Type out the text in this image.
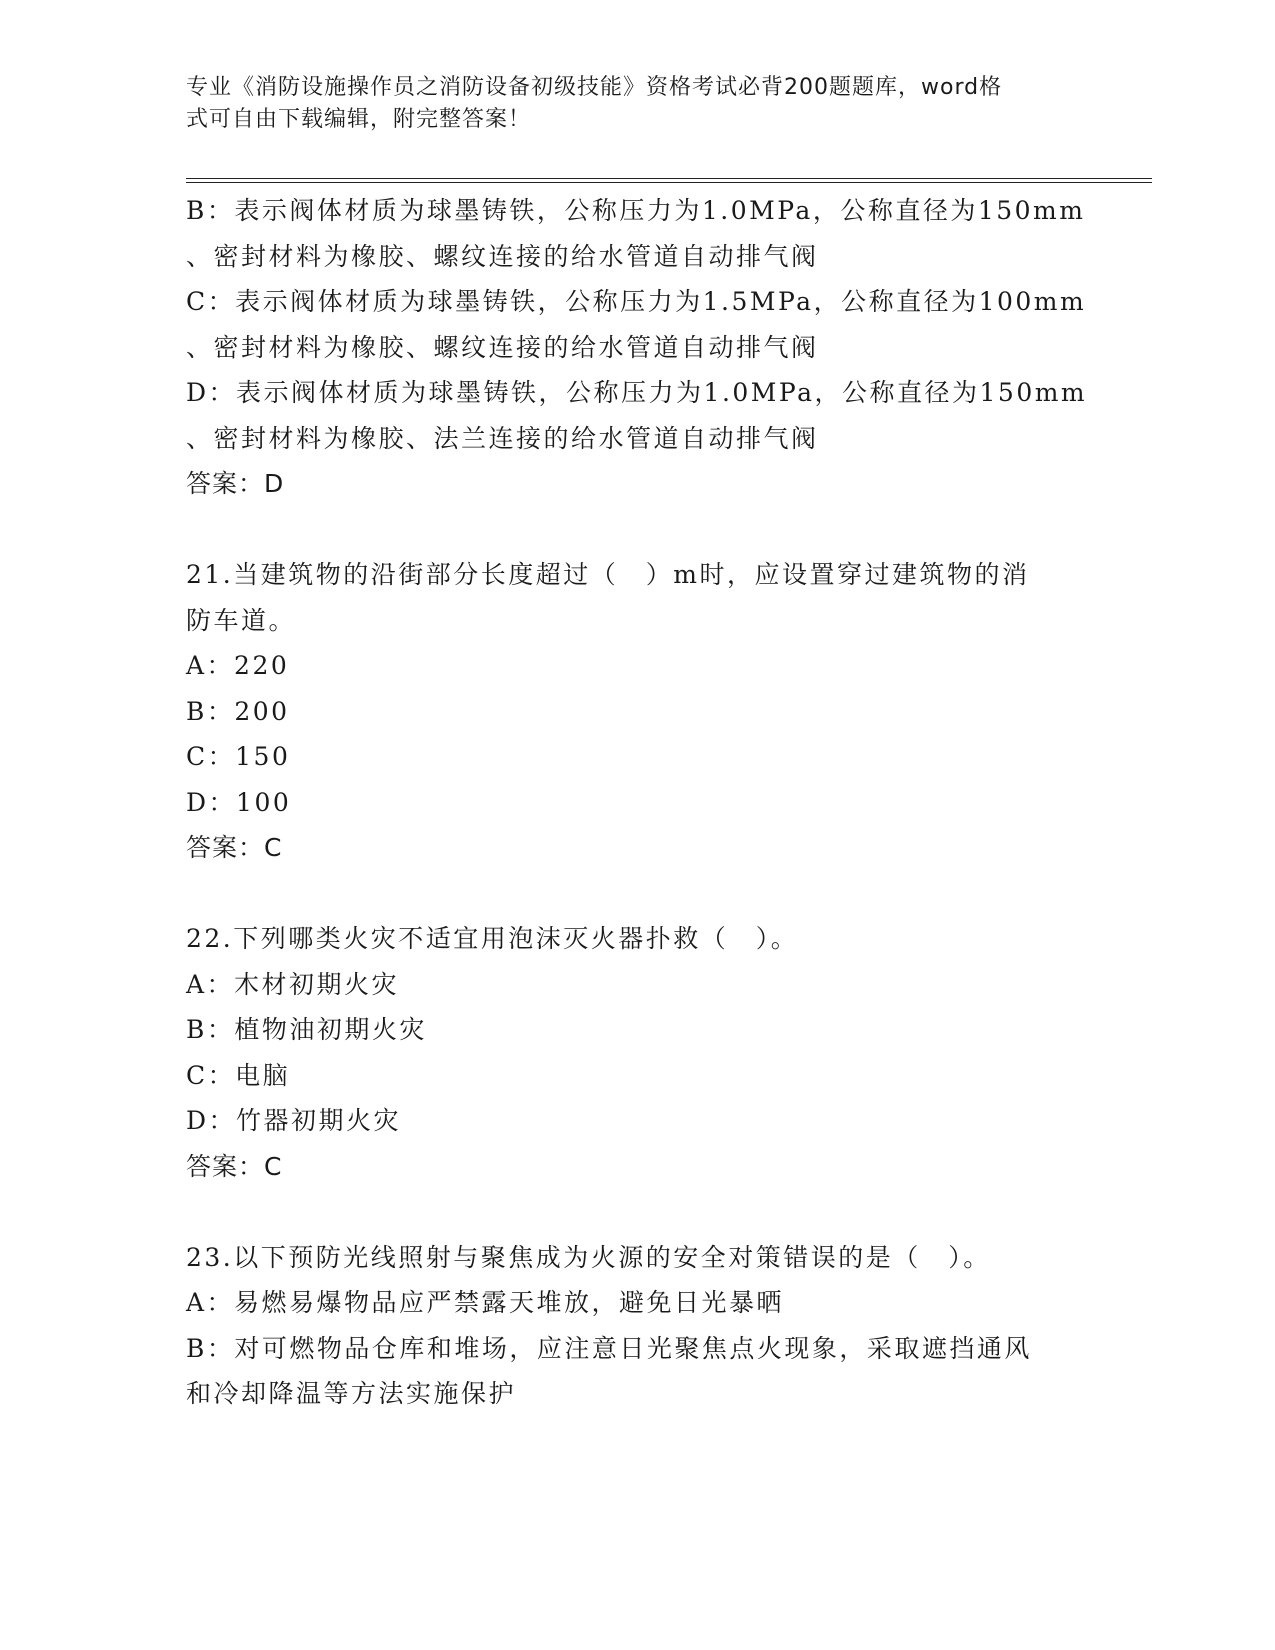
专业《消防设施操作员之消防设备初级技能》资格考试必背200题题库，word格
式可自由下载编辑，附完整答案！
B：表示阀体材质为球墨铸铁，公称压力为1.0MPa，公称直径为150mm
、密封材料为橡胶、螺纹连接的给水管道自动排气阀
C：表示阀体材质为球墨铸铁，公称压力为1.5MPa，公称直径为100mm
、密封材料为橡胶、螺纹连接的给水管道自动排气阀
D：表示阀体材质为球墨铸铁，公称压力为1.0MPa，公称直径为150mm
、密封材料为橡胶、法兰连接的给水管道自动排气阀
答案：D
21.当建筑物的沿街部分长度超过（　）m时，应设置穿过建筑物的消
防车道。
A：220
B：200
C：150
D：100
答案：C
22.下列哪类火灾不适宜用泡沫灭火器扑救（　）。
A：木材初期火灾
B：植物油初期火灾
C：电脑
D：竹器初期火灾
答案：C
23.以下预防光线照射与聚焦成为火源的安全对策错误的是（　）。
A：易燃易爆物品应严禁露天堆放，避免日光暴晒
B：对可燃物品仓库和堆场，应注意日光聚焦点火现象，采取遮挡通风
和冷却降温等方法实施保护
